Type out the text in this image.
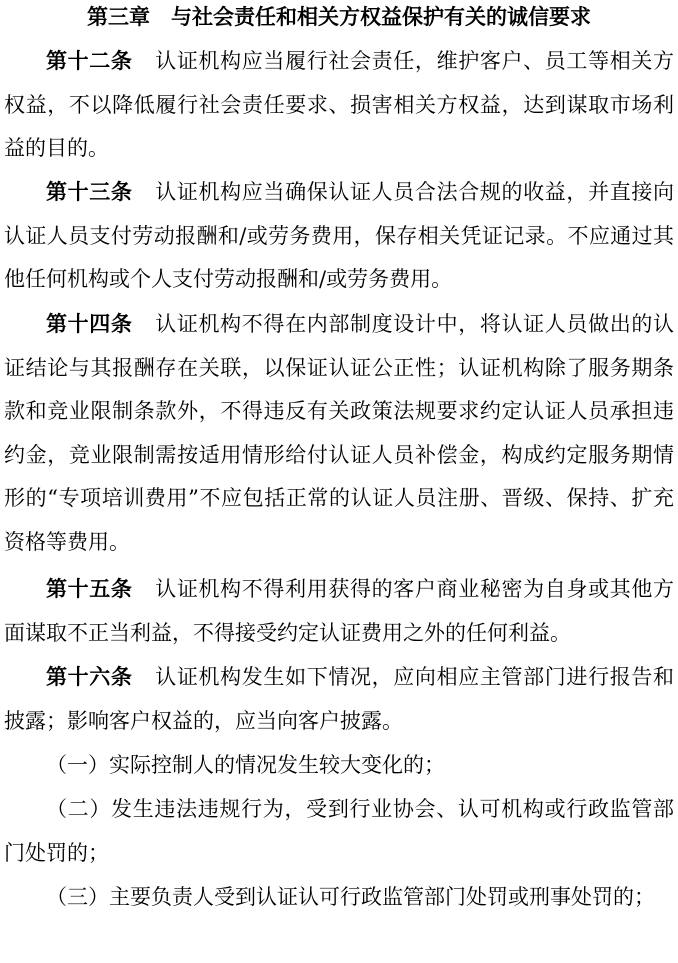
第三章　与社会责任和相关方权益保护有关的诚信要求
第十二条 认证机构应当履行社会责任，维护客户、员工等相关方权益，不以降低履行社会责任要求、损害相关方权益，达到谋取市场利益的目的。
第十三条 认证机构应当确保认证人员合法合规的收益，并直接向认证人员支付劳动报酬和/或劳务费用，保存相关凭证记录。不应通过其他任何机构或个人支付劳动报酬和/或劳务费用。
第十四条 认证机构不得在内部制度设计中，将认证人员做出的认证结论与其报酬存在关联，以保证认证公正性；认证机构除了服务期条款和竞业限制条款外，不得违反有关政策法规要求约定认证人员承担违约金，竞业限制需按适用情形给付认证人员补偿金，构成约定服务期情形的“专项培训费用”不应包括正常的认证人员注册、晋级、保持、扩充资格等费用。
第十五条 认证机构不得利用获得的客户商业秘密为自身或其他方面谋取不正当利益，不得接受约定认证费用之外的任何利益。
第十六条 认证机构发生如下情况，应向相应主管部门进行报告和披露；影响客户权益的，应当向客户披露。
（一）实际控制人的情况发生较大变化的；
（二）发生违法违规行为，受到行业协会、认可机构或行政监管部门处罚的；
（三）主要负责人受到认证认可行政监管部门处罚或刑事处罚的；
